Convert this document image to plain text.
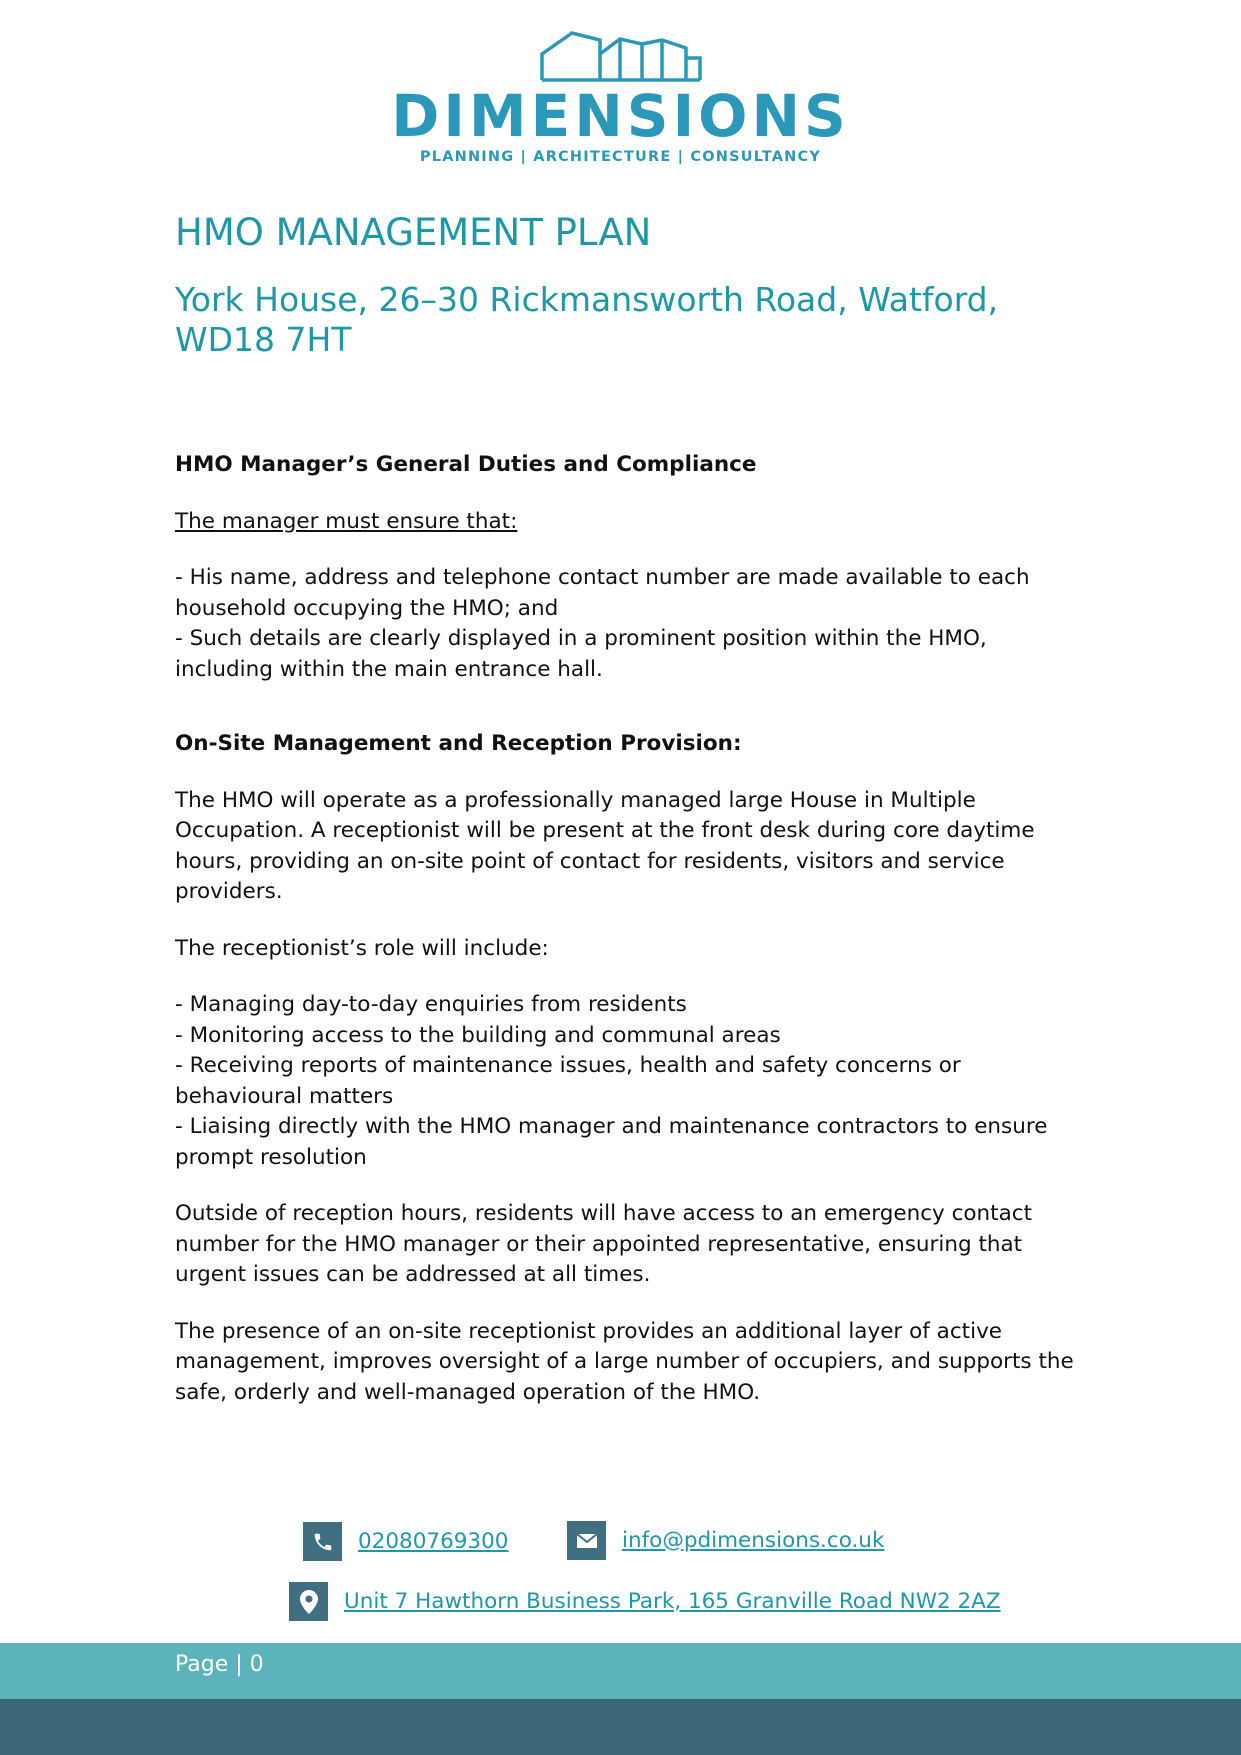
DIMENSIONS
PLANNING | ARCHITECTURE | CONSULTANCY
HMO MANAGEMENT PLAN
York House, 26–30 Rickmansworth Road, Watford, WD18 7HT

HMO Manager’s General Duties and Compliance

The manager must ensure that:

- His name, address and telephone contact number are made available to each household occupying the HMO; and

- Such details are clearly displayed in a prominent position within the HMO, including within the main entrance hall.

On-Site Management and Reception Provision:

The HMO will operate as a professionally managed large House in Multiple Occupation. A receptionist will be present at the front desk during core daytime hours, providing an on-site point of contact for residents, visitors and service providers.

The receptionist’s role will include:

- Managing day-to-day enquiries from residents

- Monitoring access to the building and communal areas

- Receiving reports of maintenance issues, health and safety concerns or behavioural matters

- Liaising directly with the HMO manager and maintenance contractors to ensure prompt resolution

Outside of reception hours, residents will have access to an emergency contact number for the HMO manager or their appointed representative, ensuring that urgent issues can be addressed at all times.

The presence of an on-site receptionist provides an additional layer of active management, improves oversight of a large number of occupiers, and supports the safe, orderly and well-managed operation of the HMO.

02080769300	info@pdimensions.co.uk
Unit 7 Hawthorn Business Park, 165 Granville Road NW2 2AZ
Page | 0
